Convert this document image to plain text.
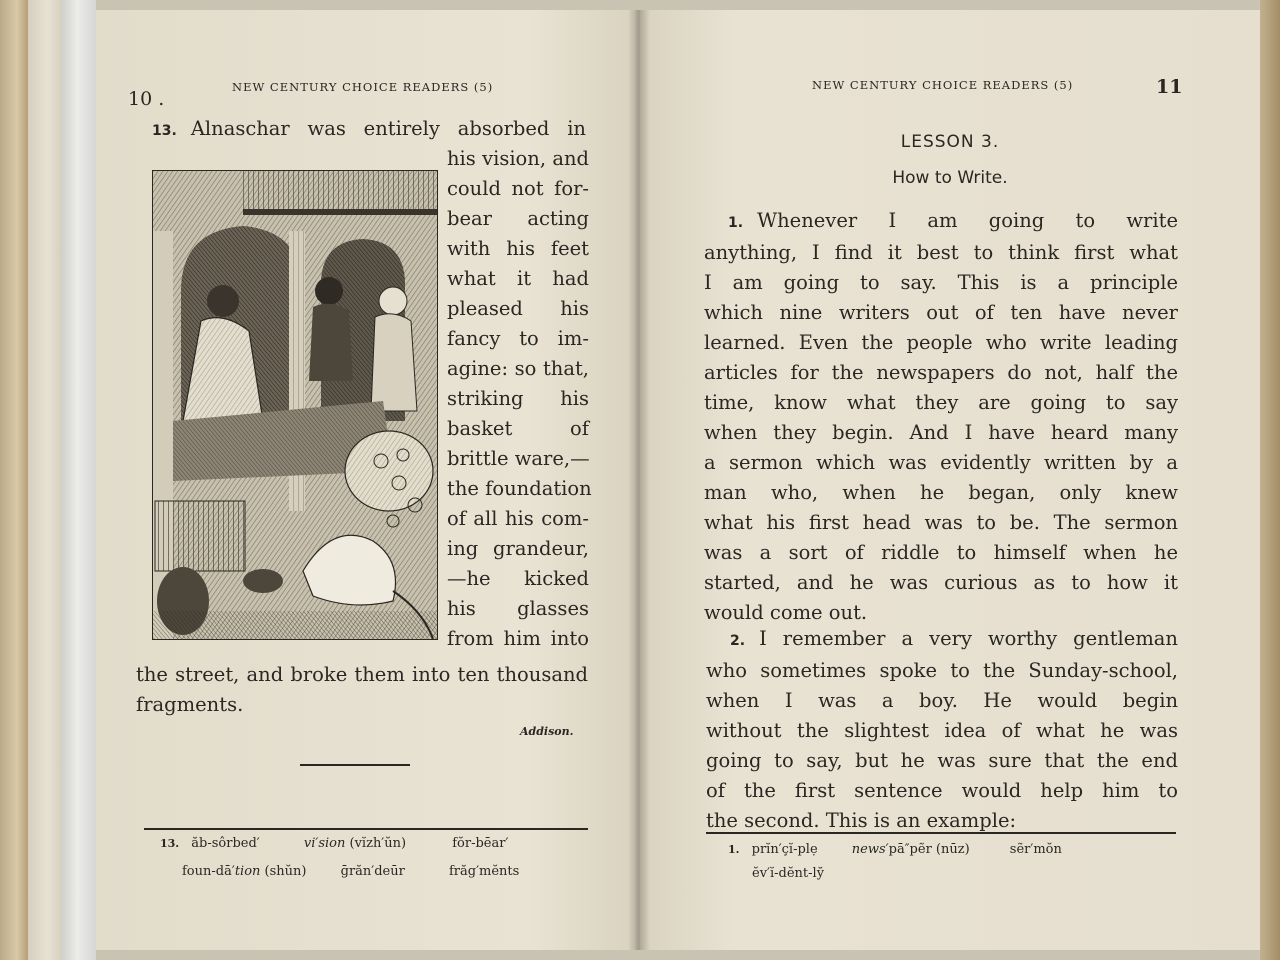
10 .
NEW CENTURY CHOICE READERS (5)
13. Alnaschar was entirely absorbed in
his vision, and
could not for-
bear acting
with his feet
what it had
pleased his
fancy to im-
agine: so that,
striking his
basket of
brittle ware,—
the foundation
of all his com-
ing grandeur,
—he kicked
his glasses
from him into
the street, and broke them into ten thousand
fragments.
Addison.
13. ăb-sôrbed′	vi′sion (vĭzh′ŭn)	fŏr-bēar′
foun-dā′tion (shŭn)	ḡrăn′deūr	frăg′mĕnts
NEW CENTURY CHOICE READERS (5)	11
LESSON 3.
How to Write.
1. Whenever I am going to write
anything, I find it best to think first what
I am going to say. This is a principle
which nine writers out of ten have never
learned. Even the people who write leading
articles for the newspapers do not, half the
time, know what they are going to say
when they begin. And I have heard many
a sermon which was evidently written by a
man who, when he began, only knew
what his first head was to be. The sermon
was a sort of riddle to himself when he
started, and he was curious as to how it
would come out.
2. I remember a very worthy gentleman
who sometimes spoke to the Sunday-school,
when I was a boy. He would begin
without the slightest idea of what he was
going to say, but he was sure that the end
of the first sentence would help him to
the second. This is an example:
1. prĭn′çĭ-plẹ	news′pā″pẽr (nūz)	sẽr′mŏn
ĕv′ĭ-dĕnt-ly̆
